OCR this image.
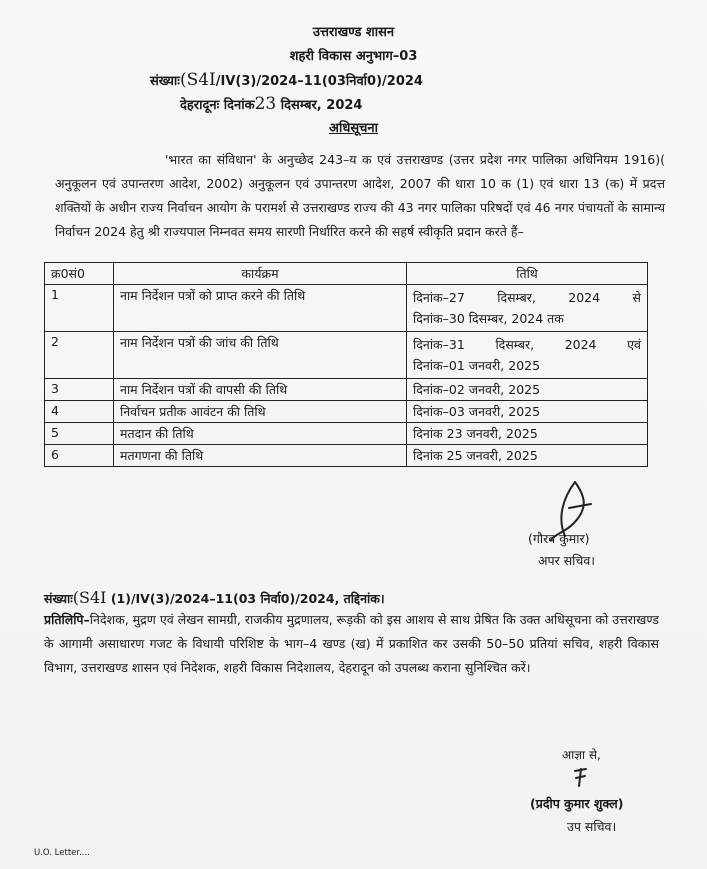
उत्तराखण्ड शासन
शहरी विकास अनुभाग–03
संख्याः(S4I/IV(3)/2024–11(03निर्वा0)/2024
देहरादूनः दिनांक23 दिसम्बर, 2024
अधिसूचना
'भारत का संविधान' के अनुच्छेद 243–य क एवं उत्तराखण्ड (उत्तर प्रदेश नगर पालिका अधिनियम 1916)( अनुकूलन एवं उपान्तरण आदेश, 2002) अनुकूलन एवं उपान्तरण आदेश, 2007 की धारा 10 क (1) एवं धारा 13 (क) में प्रदत्त शक्तियों के अधीन राज्य निर्वाचन आयोग के परामर्श से उत्तराखण्ड राज्य की 43 नगर पालिका परिषदों एवं 46 नगर पंचायतों के सामान्य निर्वाचन 2024 हेतु श्री राज्यपाल निम्नवत समय सारणी निर्धारित करने की सहर्ष स्वीकृति प्रदान करते हैं–
क्र0सं0	कार्यक्रम	तिथि
1	नाम निर्देशन पत्रों को प्राप्त करने की तिथि	दिनांक–27 दिसम्बर, 2024 से
दिनांक–30 दिसम्बर, 2024 तक

2	नाम निर्देशन पत्रों की जांच की तिथि	दिनांक–31 दिसम्बर, 2024 एवं
दिनांक–01 जनवरी, 2025

3	नाम निर्देशन पत्रों की वापसी की तिथि	दिनांक–02 जनवरी, 2025
4	निर्वाचन प्रतीक आवंटन की तिथि	दिनांक–03 जनवरी, 2025
5	मतदान की तिथि	दिनांक 23 जनवरी, 2025
6	मतगणना की तिथि	दिनांक 25 जनवरी, 2025
(गौरव कुमार)
अपर सचिव।
संख्याः(S4I (1)/IV(3)/2024–11(03 निर्वा0)/2024, तद्दिनांक।
प्रतिलिपि–निदेशक, मुद्रण एवं लेखन सामग्री, राजकीय मुद्रणालय, रूड़की को इस आशय से साथ प्रेषित कि उक्त अधिसूचना को उत्तराखण्ड के आगामी असाधारण गजट के विधायी परिशिष्ट के भाग–4 खण्ड (ख) में प्रकाशित कर उसकी 50–50 प्रतियां सचिव, शहरी विकास विभाग, उत्तराखण्ड शासन एवं निदेशक, शहरी विकास निदेशालय, देहरादून को उपलब्ध कराना सुनिश्चित करें।
आज्ञा से,
(प्रदीप कुमार शुक्ल)
उप सचिव।
U.O. Letter....
